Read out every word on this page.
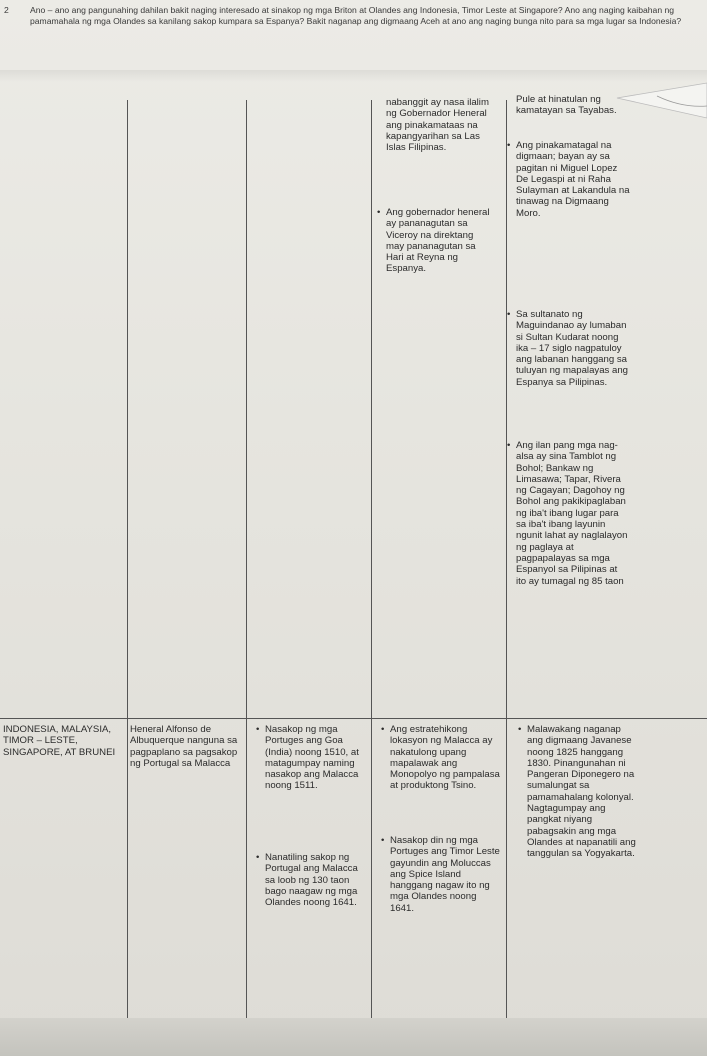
2 Ano – ano ang pangunahing dahilan bakit naging interesado at sinakop ng mga Briton at Olandes ang Indonesia, Timor Leste at Singapore? Ano ang naging kaibahan ng pamamahala ng mga Olandes sa kanilang sakop kumpara sa Espanya? Bakit naganap ang digmaang Aceh at ano ang naging bunga nito para sa mga lugar sa Indonesia?
nabanggit ay nasa ilalim ng Gobernador Heneral ang pinakamataas na kapangyarihan sa Las Islas Filipinas.
• Ang gobernador heneral ay pananagutan sa Viceroy na direktang may pananagutan sa Hari at Reyna ng Espanya.
Pule at hinatulan ng kamatayan sa Tayabas.
• Ang pinakamatagal na digmaan; bayan ay sa pagitan ni Miguel Lopez De Legaspi at ni Raha Sulayman at Lakandula na tinawag na Digmaang Moro.
• Sa sultanato ng Maguindanao ay lumaban si Sultan Kudarat noong ika – 17 siglo nagpatuloy ang labanan hanggang sa tuluyan ng mapalayas ang Espanya sa Pilipinas.
• Ang ilan pang mga nag-alsa ay sina Tamblot ng Bohol; Bankaw ng Limasawa; Tapar, Rivera ng Cagayan; Dagohoy ng Bohol ang pakikipaglaban ng iba't ibang lugar para sa iba't ibang layunin ngunit lahat ay naglalayon ng paglaya at pagpapalayas sa mga Espanyol sa Pilipinas at ito ay tumagal ng 85 taon
INDONESIA, MALAYSIA, TIMOR – LESTE, SINGAPORE, AT BRUNEI
Heneral Alfonso de Albuquerque nanguna sa pagpaplano sa pagsakop ng Portugal sa Malacca
• Nasakop ng mga Portuges ang Goa (India) noong 1510, at matagumpay naming nasakop ang Malacca noong 1511.
• Nanatiling sakop ng Portugal ang Malacca sa loob ng 130 taon bago naagaw ng mga Olandes noong 1641.
• Ang estratehikong lokasyon ng Malacca ay nakatulong upang mapalawak ang Monopolyo ng pampalasa at produktong Tsino.
• Nasakop din ng mga Portuges ang Timor Leste gayundin ang Moluccas ang Spice Island hanggang nagaw ito ng mga Olandes noong 1641.
• Malawakang naganap ang digmaang Javanese noong 1825 hanggang 1830. Pinangunahan ni Pangeran Diponegero na sumalungat sa pamamahalang kolonyal. Nagtagumpay ang pangkat niyang pabagsakin ang mga Olandes at napanatili ang tanggulan sa Yogyakarta.
